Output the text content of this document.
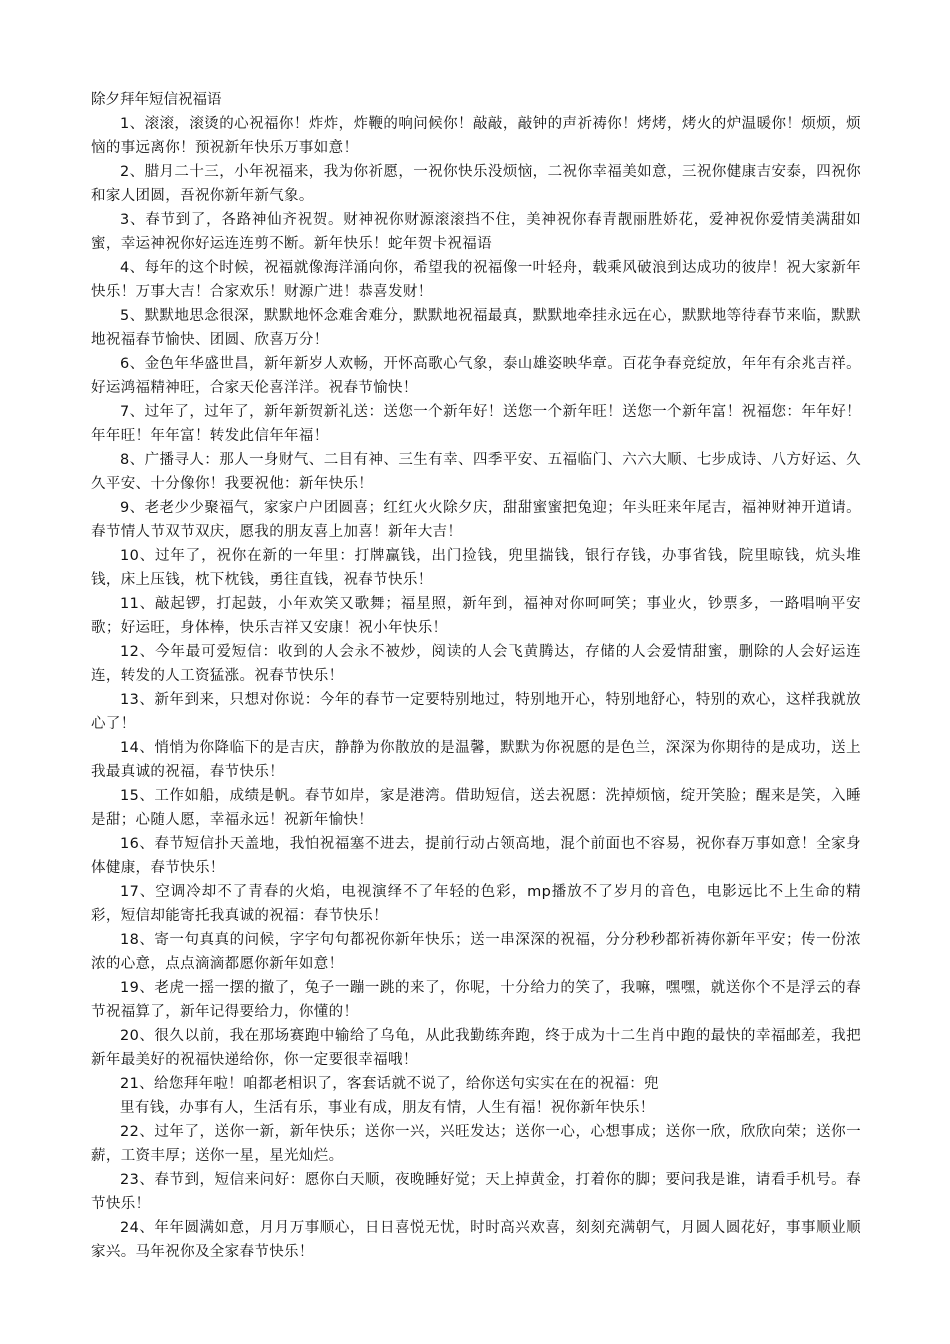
除夕拜年短信祝福语

1、滚滚，滚烫的心祝福你！炸炸，炸鞭的响问候你！敲敲，敲钟的声祈祷你！烤烤，烤火的炉温暖你！烦烦，烦恼的事远离你！预祝新年快乐万事如意！

2、腊月二十三，小年祝福来，我为你祈愿，一祝你快乐没烦恼，二祝你幸福美如意，三祝你健康吉安泰，四祝你和家人团圆，吾祝你新年新气象。

3、春节到了，各路神仙齐祝贺。财神祝你财源滚滚挡不住，美神祝你春青靓丽胜娇花，爱神祝你爱情美满甜如蜜，幸运神祝你好运连连剪不断。新年快乐！蛇年贺卡祝福语

4、每年的这个时候，祝福就像海洋涌向你，希望我的祝福像一叶轻舟，载乘风破浪到达成功的彼岸！祝大家新年快乐！万事大吉！合家欢乐！财源广进！恭喜发财！

5、默默地思念很深，默默地怀念难舍难分，默默地祝福最真，默默地牵挂永远在心，默默地等待春节来临，默默地祝福春节愉快、团圆、欣喜万分！

6、金色年华盛世昌，新年新岁人欢畅，开怀高歌心气象，泰山雄姿映华章。百花争春竞绽放，年年有余兆吉祥。好运鸿福精神旺，合家天伦喜洋洋。祝春节愉快！

7、过年了，过年了，新年新贺新礼送：送您一个新年好！送您一个新年旺！送您一个新年富！祝福您：年年好！年年旺！年年富！转发此信年年福！

8、广播寻人：那人一身财气、二目有神、三生有幸、四季平安、五福临门、六六大顺、七步成诗、八方好运、久久平安、十分像你！我要祝他：新年快乐！

9、老老少少聚福气，家家户户团圆喜；红红火火除夕庆，甜甜蜜蜜把兔迎；年头旺来年尾吉，福神财神开道请。春节情人节双节双庆，愿我的朋友喜上加喜！新年大吉！

10、过年了，祝你在新的一年里：打牌赢钱，出门捡钱，兜里揣钱，银行存钱，办事省钱，院里晾钱，炕头堆钱，床上压钱，枕下枕钱，勇往直钱，祝春节快乐！

11、敲起锣，打起鼓，小年欢笑又歌舞；福星照，新年到，福神对你呵呵笑；事业火，钞票多，一路唱响平安歌；好运旺，身体棒，快乐吉祥又安康！祝小年快乐！

12、今年最可爱短信：收到的人会永不被炒，阅读的人会飞黄腾达，存储的人会爱情甜蜜，删除的人会好运连连，转发的人工资猛涨。祝春节快乐！

13、新年到来，只想对你说：今年的春节一定要特别地过，特别地开心，特别地舒心，特别的欢心，这样我就放心了！

14、悄悄为你降临下的是吉庆，静静为你散放的是温馨，默默为你祝愿的是色兰，深深为你期待的是成功，送上我最真诚的祝福，春节快乐！

15、工作如船，成绩是帆。春节如岸，家是港湾。借助短信，送去祝愿：洗掉烦恼，绽开笑脸；醒来是笑，入睡是甜；心随人愿，幸福永远！祝新年愉快！

16、春节短信扑天盖地，我怕祝福塞不进去，提前行动占领高地，混个前面也不容易，祝你春万事如意！全家身体健康，春节快乐！

17、空调冷却不了青春的火焰，电视演绎不了年轻的色彩，mp播放不了岁月的音色，电影远比不上生命的精彩，短信却能寄托我真诚的祝福：春节快乐！

18、寄一句真真的问候，字字句句都祝你新年快乐；送一串深深的祝福，分分秒秒都祈祷你新年平安；传一份浓浓的心意，点点滴滴都愿你新年如意！

19、老虎一摇一摆的撤了，兔子一蹦一跳的来了，你呢，十分给力的笑了，我嘛，嘿嘿，就送你个不是浮云的春节祝福算了，新年记得要给力，你懂的！

20、很久以前，我在那场赛跑中输给了乌龟，从此我勤练奔跑，终于成为十二生肖中跑的最快的幸福邮差，我把新年最美好的祝福快递给你，你一定要很幸福哦！

21、给您拜年啦！咱都老相识了，客套话就不说了，给你送句实实在在的祝福：兜

里有钱，办事有人，生活有乐，事业有成，朋友有情，人生有福！祝你新年快乐！

22、过年了，送你一新，新年快乐；送你一兴，兴旺发达；送你一心，心想事成；送你一欣，欣欣向荣；送你一薪，工资丰厚；送你一星，星光灿烂。

23、春节到，短信来问好：愿你白天顺，夜晚睡好觉；天上掉黄金，打着你的脚；要问我是谁，请看手机号。春节快乐！

24、年年圆满如意，月月万事顺心，日日喜悦无忧，时时高兴欢喜，刻刻充满朝气，月圆人圆花好，事事顺业顺家兴。马年祝你及全家春节快乐！
